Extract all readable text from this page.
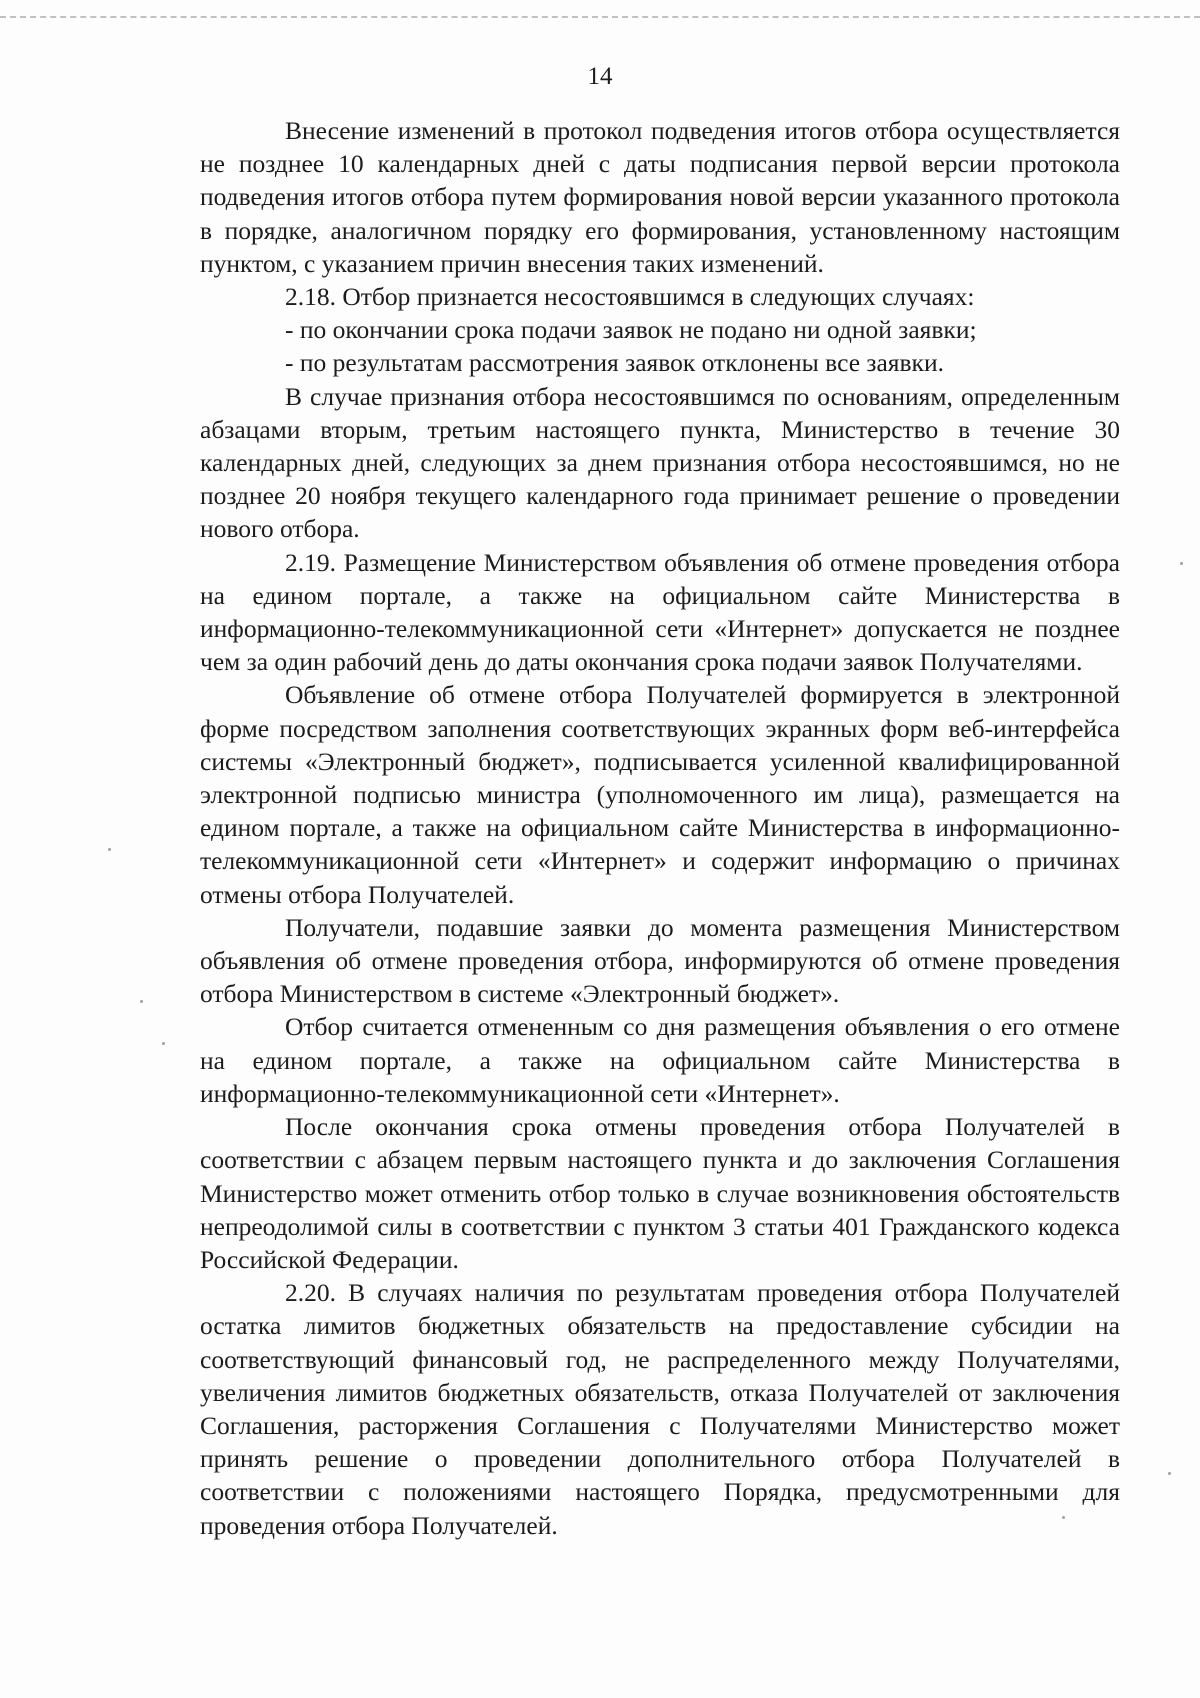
14

Внесение изменений в протокол подведения итогов отбора осуществляется не позднее 10 календарных дней с даты подписания первой версии протокола подведения итогов отбора путем формирования новой версии указанного протокола в порядке, аналогичном порядку его формирования, установленному настоящим пунктом, с указанием причин внесения таких изменений.

2.18. Отбор признается несостоявшимся в следующих случаях:

- по окончании срока подачи заявок не подано ни одной заявки;

- по результатам рассмотрения заявок отклонены все заявки.

В случае признания отбора несостоявшимся по основаниям, определенным абзацами вторым, третьим настоящего пункта, Министерство в течение 30 календарных дней, следующих за днем признания отбора несостоявшимся, но не позднее 20 ноября текущего календарного года принимает решение о проведении нового отбора.

2.19. Размещение Министерством объявления об отмене проведения отбора на едином портале, а также на официальном сайте Министерства в информационно-телекоммуникационной сети «Интернет» допускается не позднее чем за один рабочий день до даты окончания срока подачи заявок Получателями.

Объявление об отмене отбора Получателей формируется в электронной форме посредством заполнения соответствующих экранных форм веб-интерфейса системы «Электронный бюджет», подписывается усиленной квалифицированной электронной подписью министра (уполномоченного им лица), размещается на едином портале, а также на официальном сайте Министерства в информационно-телекоммуникационной сети «Интернет» и содержит информацию о причинах отмены отбора Получателей.

Получатели, подавшие заявки до момента размещения Министерством объявления об отмене проведения отбора, информируются об отмене проведения отбора Министерством в системе «Электронный бюджет».

Отбор считается отмененным со дня размещения объявления о его отмене на едином портале, а также на официальном сайте Министерства в информационно-телекоммуникационной сети «Интернет».

После окончания срока отмены проведения отбора Получателей в соответствии с абзацем первым настоящего пункта и до заключения Соглашения Министерство может отменить отбор только в случае возникновения обстоятельств непреодолимой силы в соответствии с пунктом 3 статьи 401 Гражданского кодекса Российской Федерации.

2.20. В случаях наличия по результатам проведения отбора Получателей остатка лимитов бюджетных обязательств на предоставление субсидии на соответствующий финансовый год, не распределенного между Получателями, увеличения лимитов бюджетных обязательств, отказа Получателей от заключения Соглашения, расторжения Соглашения с Получателями Министерство может принять решение о проведении дополнительного отбора Получателей в соответствии с положениями настоящего Порядка, предусмотренными для проведения отбора Получателей.
